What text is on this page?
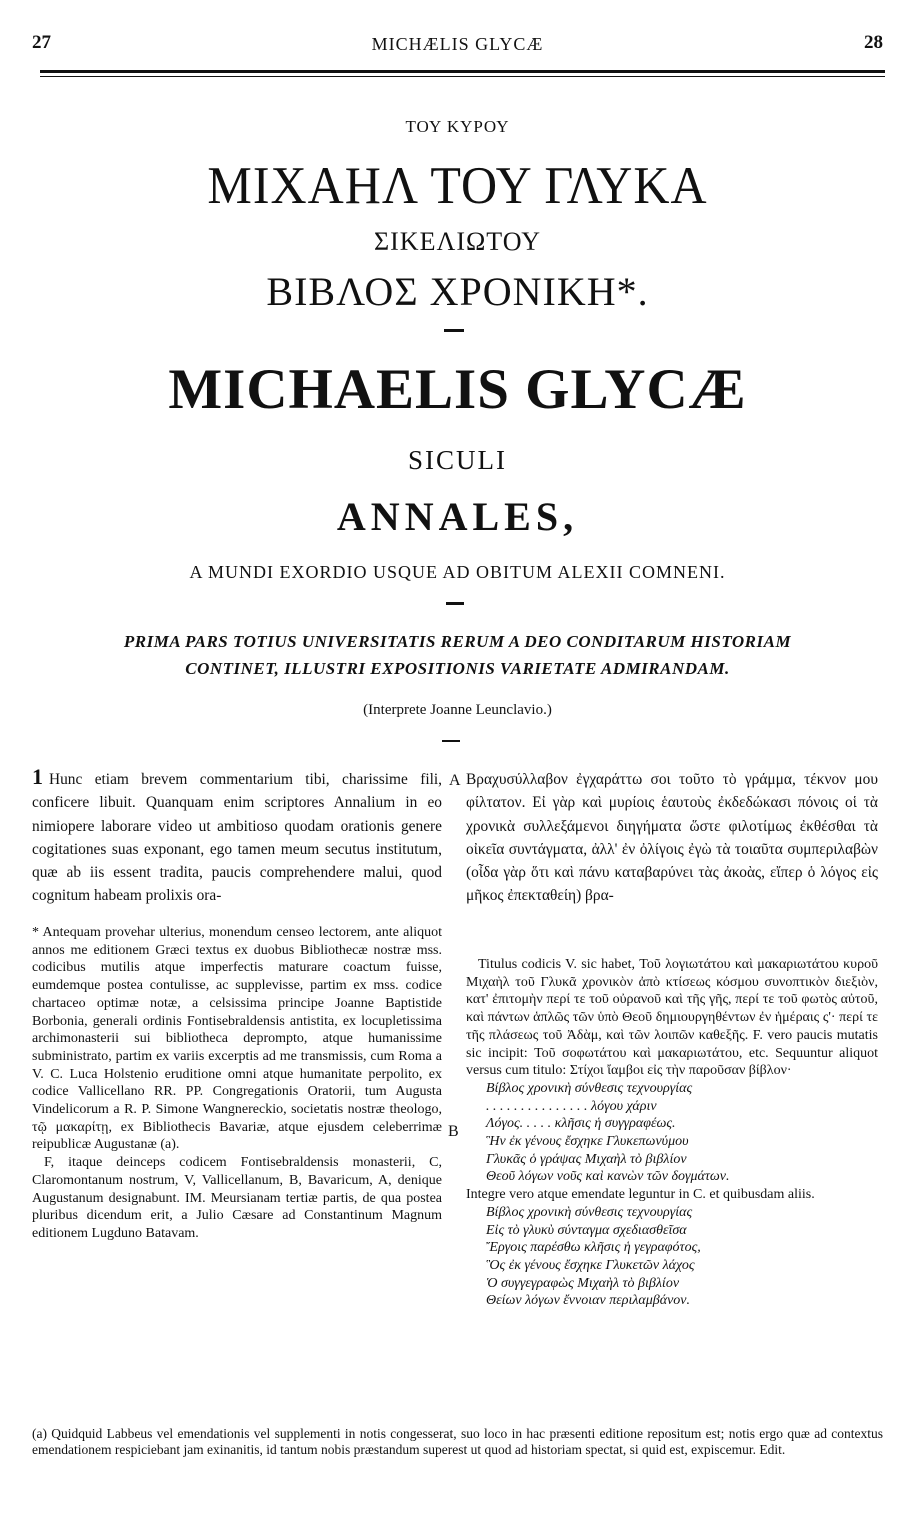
27	MICHÆLIS GLYCÆ	28
ΤΟΥ ΚΥΡΟΥ
ΜΙΧΑΗΛ ΤΟΥ ΓΛΥΚΑ
ΣΙΚΕΛΙΩΤΟΥ
ΒΙΒΛΟΣ ΧΡΟΝΙΚΗ*.
MICHAELIS GLYCÆ
SICULI
ANNALES,
A MUNDI EXORDIO USQUE AD OBITUM ALEXII COMNENI.
PRIMA PARS TOTIUS UNIVERSITATIS RERUM A DEO CONDITARUM HISTORIAM
CONTINET, ILLUSTRI EXPOSITIONIS VARIETATE ADMIRANDAM.
(Interprete Joanne Leunclavio.)
1 Hunc etiam brevem commentarium tibi, charissime fili, conficere libuit. Quanquam enim scriptores Annalium in eo nimiopere laborare video ut ambitioso quodam orationis genere cogitationes suas exponant, ego tamen meum secutus institutum, quæ ab iis essent tradita, paucis comprehendere malui, quod cognitum habeam prolixis ora-
A Βραχυσύλλαβον ἐγχαράττω σοι τοῦτο τὸ γράμμα, τέκνον μου φίλτατον. Εἰ γὰρ καὶ μυρίοις ἑαυτοὺς ἐκδεδώκασι πόνοις οἱ τὰ χρονικὰ συλλεξάμενοι διηγήματα ὥστε φιλοτίμως ἐκθέσθαι τὰ οἰκεῖα συντάγματα, ἀλλ' ἐν ὀλίγοις ἐγὼ τὰ τοιαῦτα συμπεριλαβὼν (οἶδα γὰρ ὅτι καὶ πάνυ καταβαρύνει τὰς ἀκοὰς, εἴπερ ὁ λόγος εἰς μῆκος ἐπεκταθείη) βρα-
* Antequam provehar ulterius, monendum censeo lectorem, ante aliquot annos me editionem Græci textus ex duobus Bibliothecæ nostræ mss. codicibus mutilis atque imperfectis maturare coactum fuisse, eumdemque postea contulisse, ac supplevisse, partim ex mss. codice chartaceo optimæ notæ, a celsissima principe Joanne Baptistide Borbonia, generali ordinis Fontisebraldensis antistita, ex locupletissima archimonasterii sui bibliotheca deprompto, atque humanissime subministrato, partim ex variis excerptis ad me transmissis, cum Roma a V. C. Luca Holstenio eruditione omni atque humanitate perpolito, ex codice Vallicellano RR. PP. Congregationis Oratorii, tum Augusta Vindelicorum a R. P. Simone Wangnereckio, societatis nostræ theologo, τῷ μακαρίτῃ, ex Bibliothecis Bavariæ, atque ejusdem celeberrimæ reipublicæ Augustanæ (a).
F, itaque deinceps codicem Fontisebraldensis monasterii, C, Claromontanum nostrum, V, Vallicellanum, B, Bavaricum, A, denique Augustanum designabunt. IM. Meursianam tertiæ partis, de qua postea pluribus dicendum erit, a Julio Cæsare ad Constantinum Magnum editionem Lugduno Batavam.
B
Titulus codicis V. sic habet, Τοῦ λογιωτάτου καὶ μακαριωτάτου κυροῦ Μιχαὴλ τοῦ Γλυκᾶ χρονικὸν ἀπὸ κτίσεως κόσμου συνοπτικὸν διεξιὸν, κατ' ἐπιτομὴν περί τε τοῦ οὐρανοῦ καὶ τῆς γῆς, περί τε τοῦ φωτὸς αὐτοῦ, καὶ πάντων ἁπλῶς τῶν ὑπὸ Θεοῦ δημιουργηθέντων ἐν ἡμέραις ς'· περί τε τῆς πλάσεως τοῦ Ἀδὰμ, καὶ τῶν λοιπῶν καθεξῆς. F. vero paucis mutatis sic incipit: Τοῦ σοφωτάτου καὶ μακαριωτάτου, etc. Sequuntur aliquot versus cum titulo: Στίχοι ἴαμβοι εἰς τὴν παροῦσαν βίβλον·
Βίβλος χρονικὴ σύνθεσις τεχνουργίας
. . . . . . . . . . . . . . . λόγου χάριν
Λόγος. . . . . κλῆσις ἡ συγγραφέως.
Ἣν ἐκ γένους ἔσχηκε Γλυκεπωνύμου
Γλυκᾶς ὁ γράψας Μιχαὴλ τὸ βιβλίον
Θεοῦ λόγων νοῦς καὶ κανὼν τῶν δογμάτων.
Integre vero atque emendate leguntur in C. et quibusdam aliis.
Βίβλος χρονικὴ σύνθεσις τεχνουργίας
Εἰς τὸ γλυκὺ σύνταγμα σχεδιασθεῖσα
Ἔργοις παρέσθω κλῆσις ἡ γεγραφότος,
Ὃς ἐκ γένους ἔσχηκε Γλυκετῶν λάχος
Ὁ συγγεγραφὼς Μιχαὴλ τὸ βιβλίον
Θείων λόγων ἔννοιαν περιλαμβάνον.
(a) Quidquid Labbeus vel emendationis vel supplementi in notis congesserat, suo loco in hac præsenti editione repositum est; notis ergo quæ ad contextus emendationem respiciebant jam exinanitis, id tantum nobis præstandum superest ut quod ad historiam spectat, si quid est, expiscemur. Edit.
